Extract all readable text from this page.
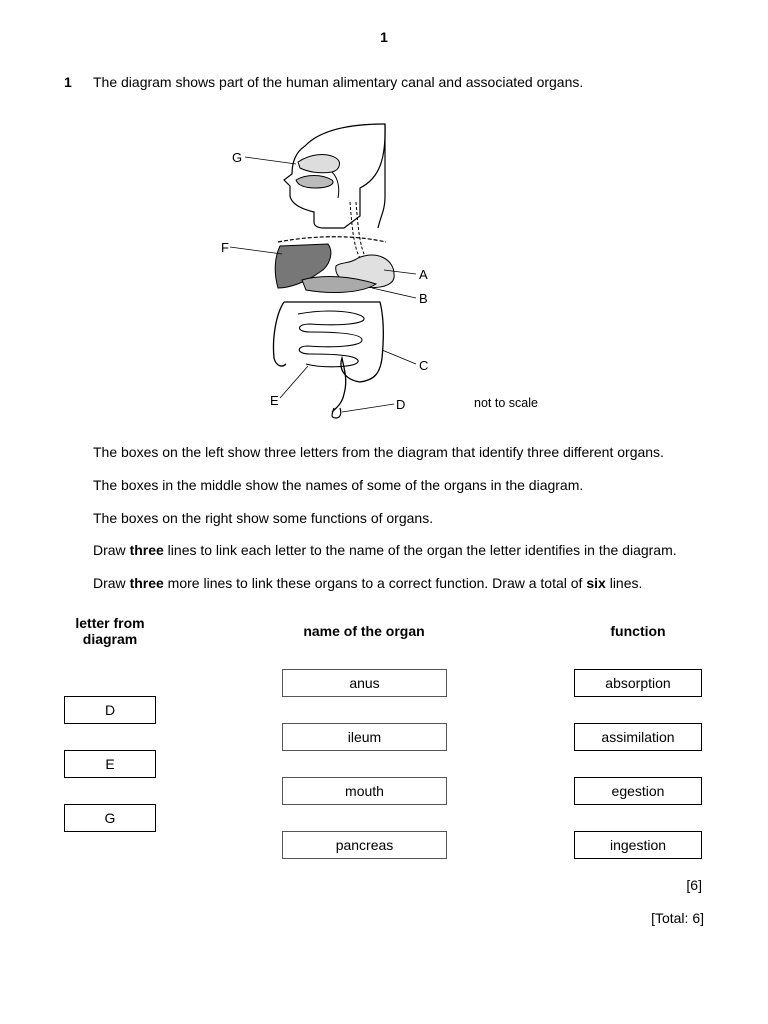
1
1 The diagram shows part of the human alimentary canal and associated organs.
G
F
A
B
C
E	D	not to scale
The boxes on the left show three letters from the diagram that identify three different organs.
The boxes in the middle show the names of some of the organs in the diagram.
The boxes on the right show some functions of organs.
Draw three lines to link each letter to the name of the organ the letter identifies in the diagram.
Draw three more lines to link these organs to a correct function. Draw a total of six lines.
letter from
diagram	name of the organ	function
D
E
G
anus
ileum
mouth
pancreas
absorption
assimilation
egestion
ingestion
[6]
[Total: 6]
